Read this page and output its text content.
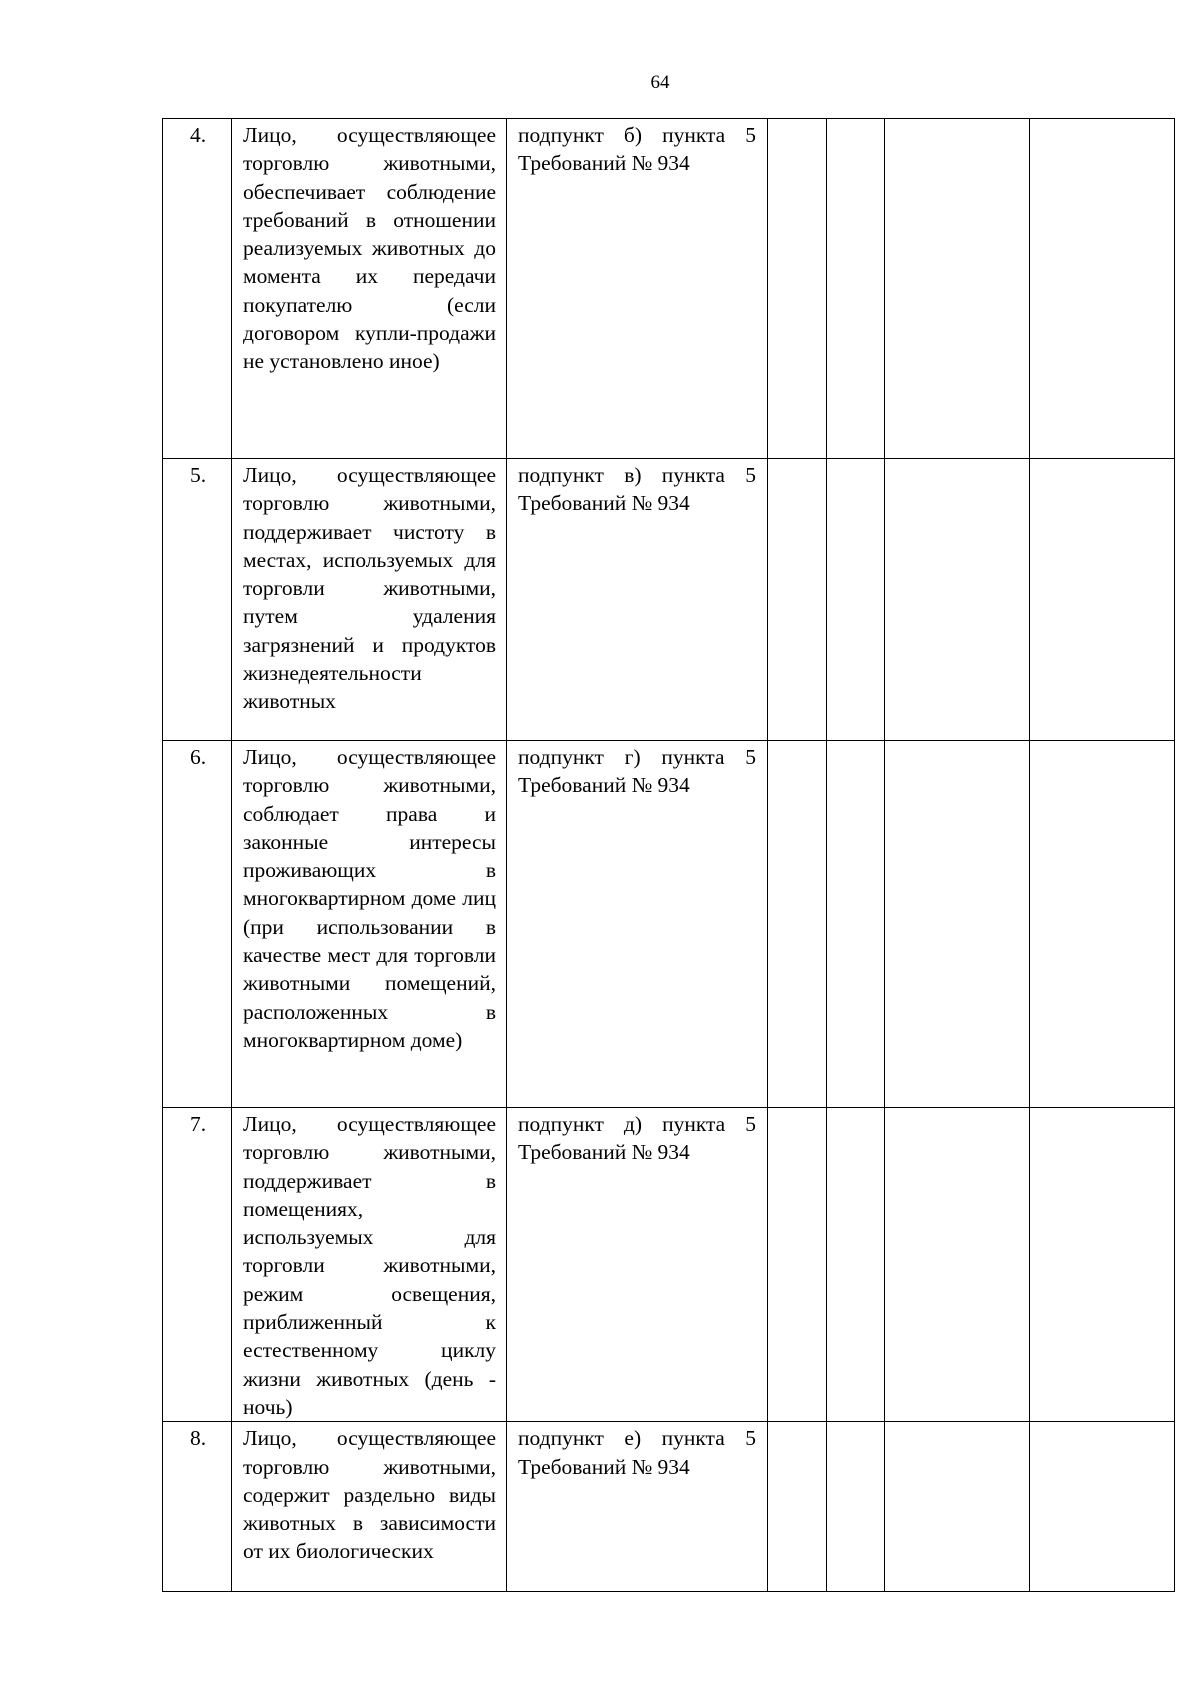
64
4.	Лицо, осуществляющее торговлю животными, обеспечивает соблюдение требований в отношении реализуемых животных до момента их передачи покупателю (если договором купли-продажи не установлено иное)	подпункт б) пункта 5 Требований № 934				

5.	Лицо, осуществляющее торговлю животными, поддерживает чистоту в местах, используемых для торговли животными, путем удаления загрязнений и продуктов жизнедеятельности животных	подпункт в) пункта 5 Требований № 934				

6.	Лицо, осуществляющее торговлю животными, соблюдает права и законные интересы проживающих в многоквартирном доме лиц (при использовании в качестве мест для торговли животными помещений, расположенных в многоквартирном доме)	подпункт г) пункта 5 Требований № 934				

7.	Лицо, осуществляющее торговлю животными, поддерживает в помещениях, используемых для торговли животными, режим освещения, приближенный к естественному циклу жизни животных (день - ночь)	подпункт д) пункта 5 Требований № 934				

8.	Лицо, осуществляющее торговлю животными, содержит раздельно виды животных в зависимости от их биологических	подпункт е) пункта 5 Требований № 934				
